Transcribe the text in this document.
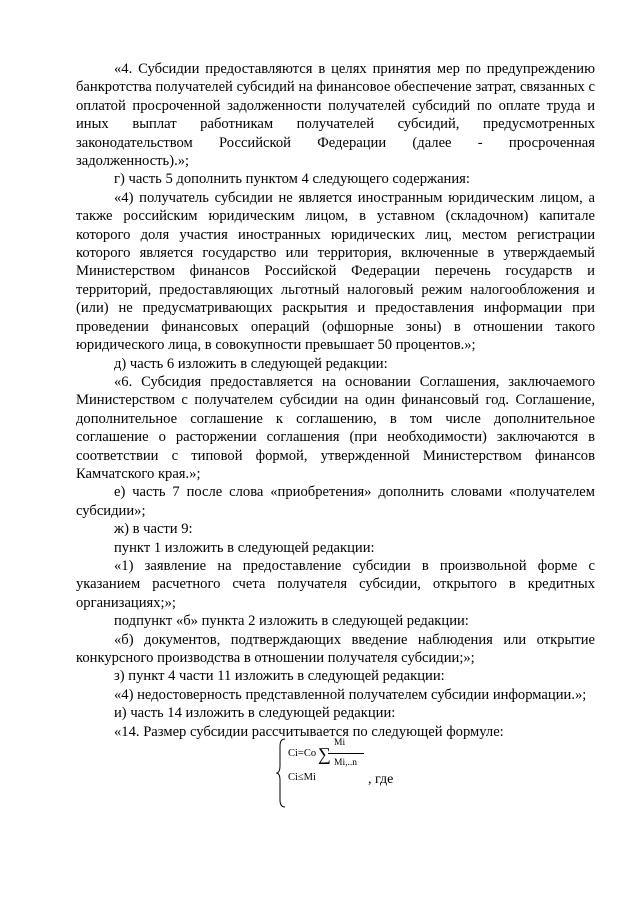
«4. Субсидии предоставляются в целях принятия мер по предупреждению банкротства получателей субсидий на финансовое обеспечение затрат, связанных с оплатой просроченной задолженности получателей субсидий по оплате труда и иных выплат работникам получателей субсидий, предусмотренных законодательством Российской Федерации (далее - просроченная задолженность).»;

г) часть 5 дополнить пунктом 4 следующего содержания:

«4) получатель субсидии не является иностранным юридическим лицом, а также российским юридическим лицом, в уставном (складочном) капитале которого доля участия иностранных юридических лиц, местом регистрации которого является государство или территория, включенные в утверждаемый Министерством финансов Российской Федерации перечень государств и территорий, предоставляющих льготный налоговый режим налогообложения и (или) не предусматривающих раскрытия и предоставления информации при проведении финансовых операций (офшорные зоны) в отношении такого юридического лица, в совокупности превышает 50 процентов.»;

д) часть 6 изложить в следующей редакции:

«6. Субсидия предоставляется на основании Соглашения, заключаемого Министерством с получателем субсидии на один финансовый год. Соглашение, дополнительное соглашение к соглашению, в том числе дополнительное соглашение о расторжении соглашения (при необходимости) заключаются в соответствии с типовой формой, утвержденной Министерством финансов Камчатского края.»;

е) часть 7 после слова «приобретения» дополнить словами «получателем субсидии»;

ж) в части 9:

пункт 1 изложить в следующей редакции:

«1) заявление на предоставление субсидии в произвольной форме с указанием расчетного счета получателя субсидии, открытого в кредитных организациях;»;

подпункт «б» пункта 2 изложить в следующей редакции:

«б) документов, подтверждающих введение наблюдения или открытие конкурсного производства в отношении получателя субсидии;»;

з) пункт 4 части 11 изложить в следующей редакции:

«4) недостоверность представленной получателем субсидии информации.»;

и) часть 14 изложить в следующей редакции:

«14. Размер субсидии рассчитывается по следующей формуле:

Ci=Co ∑
Mi
Mi,..n
Ci≤Mi	, где
